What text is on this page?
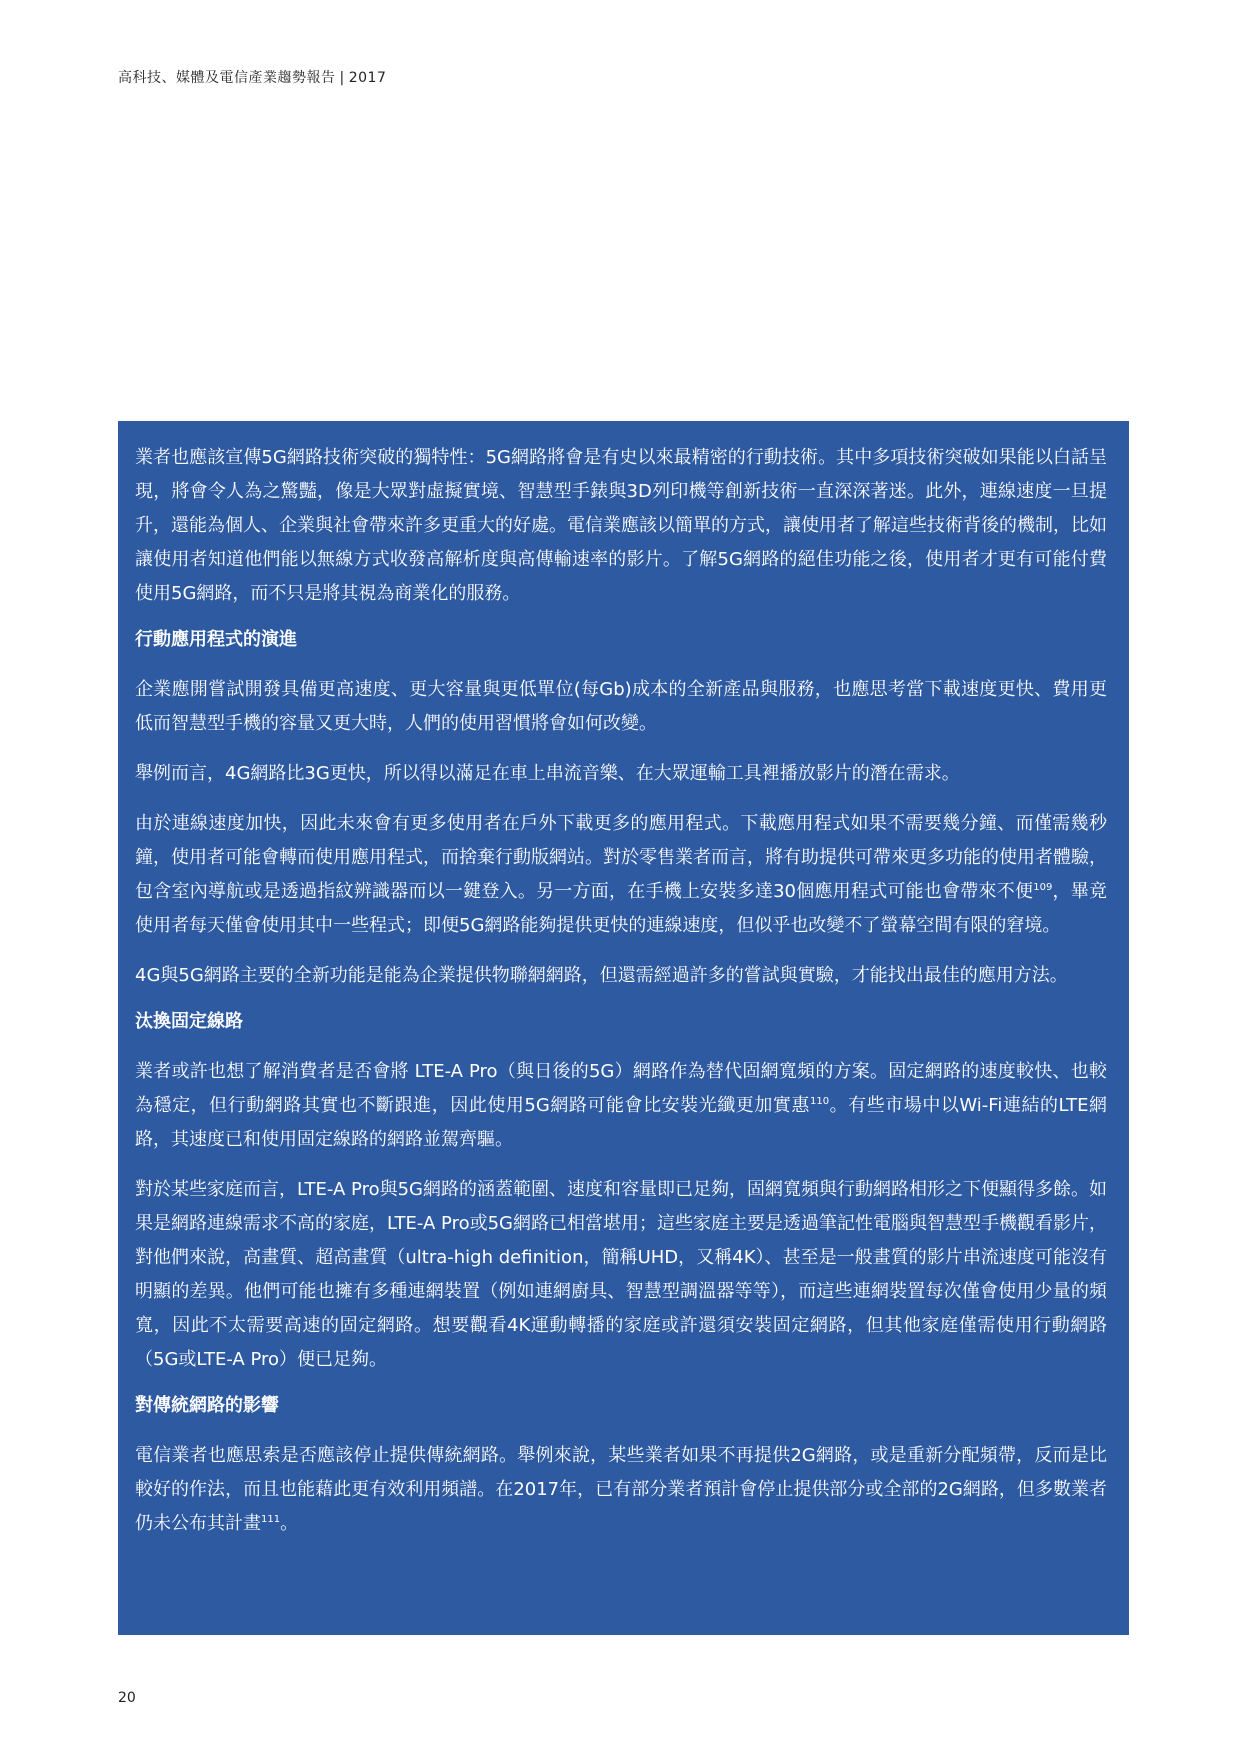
高科技、媒體及電信產業趨勢報告 | 2017

業者也應該宣傳5G網路技術突破的獨特性：5G網路將會是有史以來最精密的行動技術。其中多項技術突破如果能以白話呈現，將會令人為之驚豔，像是大眾對虛擬實境、智慧型手錶與3D列印機等創新技術一直深深著迷。此外，連線速度一旦提升，還能為個人、企業與社會帶來許多更重大的好處。電信業應該以簡單的方式，讓使用者了解這些技術背後的機制，比如讓使用者知道他們能以無線方式收發高解析度與高傳輸速率的影片。了解5G網路的絕佳功能之後，使用者才更有可能付費使用5G網路，而不只是將其視為商業化的服務。

行動應用程式的演進

企業應開嘗試開發具備更高速度、更大容量與更低單位(每Gb)成本的全新產品與服務，也應思考當下載速度更快、費用更低而智慧型手機的容量又更大時，人們的使用習慣將會如何改變。

舉例而言，4G網路比3G更快，所以得以滿足在車上串流音樂、在大眾運輸工具裡播放影片的潛在需求。

由於連線速度加快，因此未來會有更多使用者在戶外下載更多的應用程式。下載應用程式如果不需要幾分鐘、而僅需幾秒鐘，使用者可能會轉而使用應用程式，而捨棄行動版網站。對於零售業者而言，將有助提供可帶來更多功能的使用者體驗，包含室內導航或是透過指紋辨識器而以一鍵登入。另一方面，在手機上安裝多達30個應用程式可能也會帶來不便$^{109}$，畢竟使用者每天僅會使用其中一些程式；即便5G網路能夠提供更快的連線速度，但似乎也改變不了螢幕空間有限的窘境。

4G與5G網路主要的全新功能是能為企業提供物聯網網路，但還需經過許多的嘗試與實驗，才能找出最佳的應用方法。

汰換固定線路

業者或許也想了解消費者是否會將 LTE-A Pro（與日後的5G）網路作為替代固網寬頻的方案。固定網路的速度較快、也較為穩定，但行動網路其實也不斷跟進，因此使用5G網路可能會比安裝光纖更加實惠$^{110}$。有些市場中以Wi-Fi連結的LTE網路，其速度已和使用固定線路的網路並駕齊驅。

對於某些家庭而言，LTE-A Pro與5G網路的涵蓋範圍、速度和容量即已足夠，固網寬頻與行動網路相形之下便顯得多餘。如果是網路連線需求不高的家庭，LTE-A Pro或5G網路已相當堪用；這些家庭主要是透過筆記性電腦與智慧型手機觀看影片，對他們來說，高畫質、超高畫質（ultra-high definition，簡稱UHD，又稱4K）、甚至是一般畫質的影片串流速度可能沒有明顯的差異。他們可能也擁有多種連網裝置（例如連網廚具、智慧型調溫器等等），而這些連網裝置每次僅會使用少量的頻寬，因此不太需要高速的固定網路。想要觀看4K運動轉播的家庭或許還須安裝固定網路，但其他家庭僅需使用行動網路（5G或LTE-A Pro）便已足夠。

對傳統網路的影響

電信業者也應思索是否應該停止提供傳統網路。舉例來說，某些業者如果不再提供2G網路，或是重新分配頻帶，反而是比較好的作法，而且也能藉此更有效利用頻譜。在2017年，已有部分業者預計會停止提供部分或全部的2G網路，但多數業者仍未公布其計畫$^{111}$。

20
